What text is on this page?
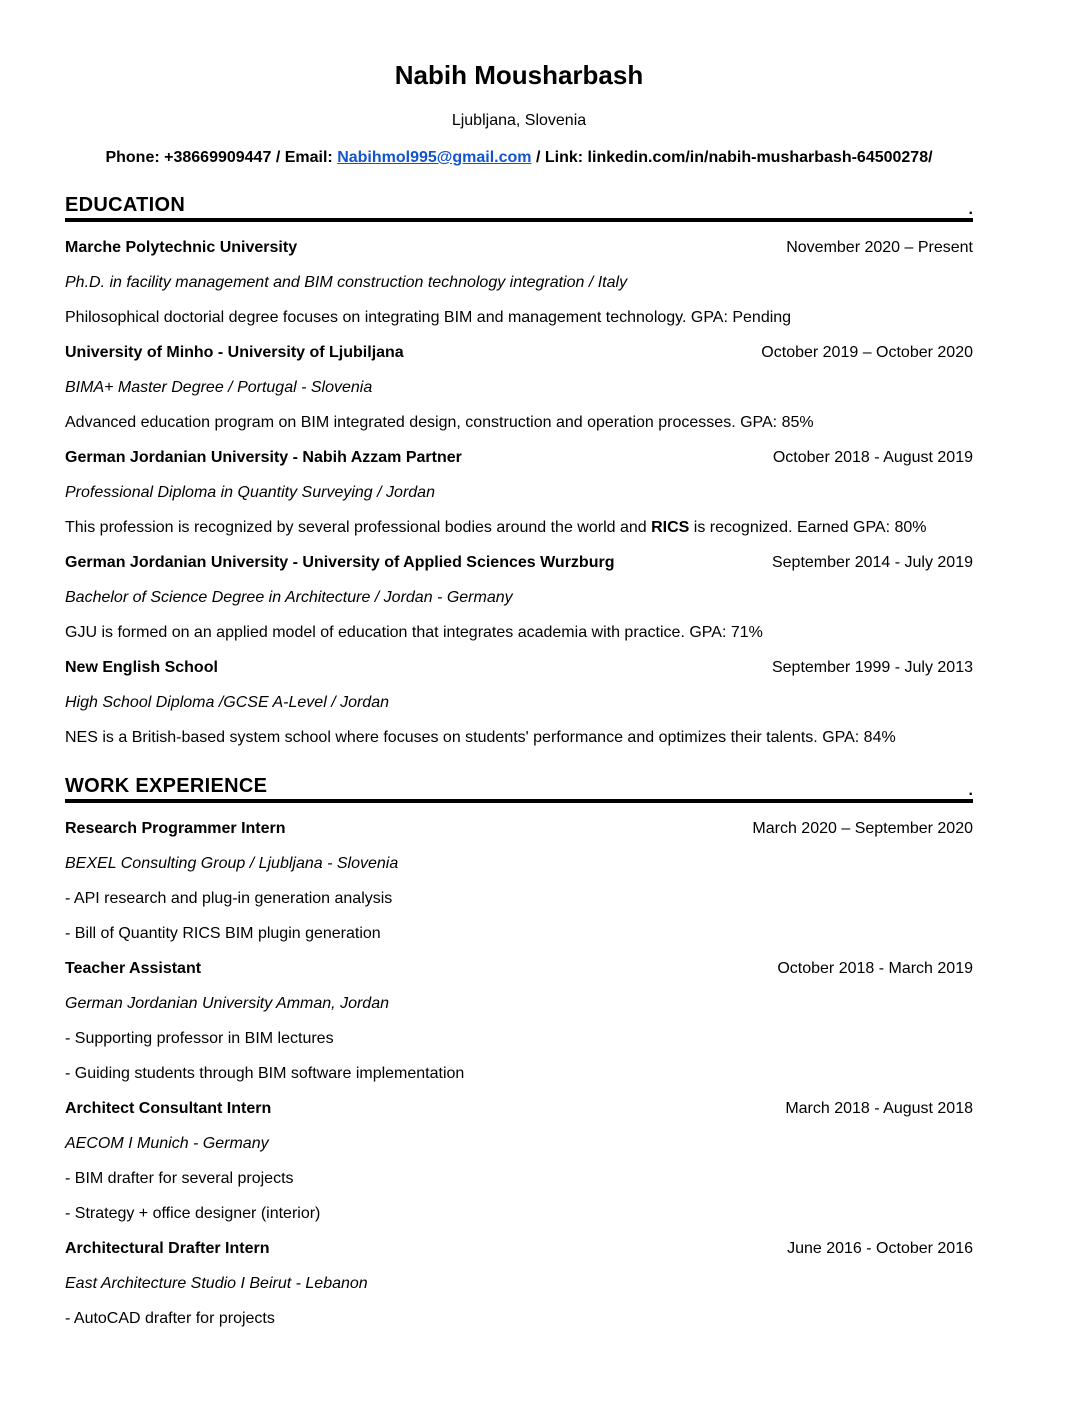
Nabih Mousharbash
Ljubljana, Slovenia
Phone: +38669909447 / Email: Nabihmol995@gmail.com / Link: linkedin.com/in/nabih-musharbash-64500278/
EDUCATION	.
Marche Polytechnic University	November 2020 – Present
Ph.D. in facility management and BIM construction technology integration / Italy
Philosophical doctorial degree focuses on integrating BIM and management technology. GPA: Pending
University of Minho - University of Ljubiljana	October 2019 – October 2020
BIMA+ Master Degree / Portugal - Slovenia
Advanced education program on BIM integrated design, construction and operation processes. GPA: 85%
German Jordanian University - Nabih Azzam Partner	October 2018 - August 2019
Professional Diploma in Quantity Surveying / Jordan
This profession is recognized by several professional bodies around the world and RICS is recognized. Earned GPA: 80%
German Jordanian University - University of Applied Sciences Wurzburg	September 2014 - July 2019
Bachelor of Science Degree in Architecture / Jordan - Germany
GJU is formed on an applied model of education that integrates academia with practice. GPA: 71%
New English School	September 1999 - July 2013
High School Diploma /GCSE A-Level / Jordan
NES is a British-based system school where focuses on students' performance and optimizes their talents. GPA: 84%
WORK EXPERIENCE	.
Research Programmer Intern	March 2020 – September 2020
BEXEL Consulting Group / Ljubljana - Slovenia
- API research and plug-in generation analysis
- Bill of Quantity RICS BIM plugin generation
Teacher Assistant	October 2018 - March 2019
German Jordanian University Amman, Jordan
- Supporting professor in BIM lectures
- Guiding students through BIM software implementation
Architect Consultant Intern	March 2018 - August 2018
AECOM I Munich - Germany
- BIM drafter for several projects
- Strategy + office designer (interior)
Architectural Drafter Intern	June 2016 - October 2016
East Architecture Studio I Beirut - Lebanon
- AutoCAD drafter for projects
